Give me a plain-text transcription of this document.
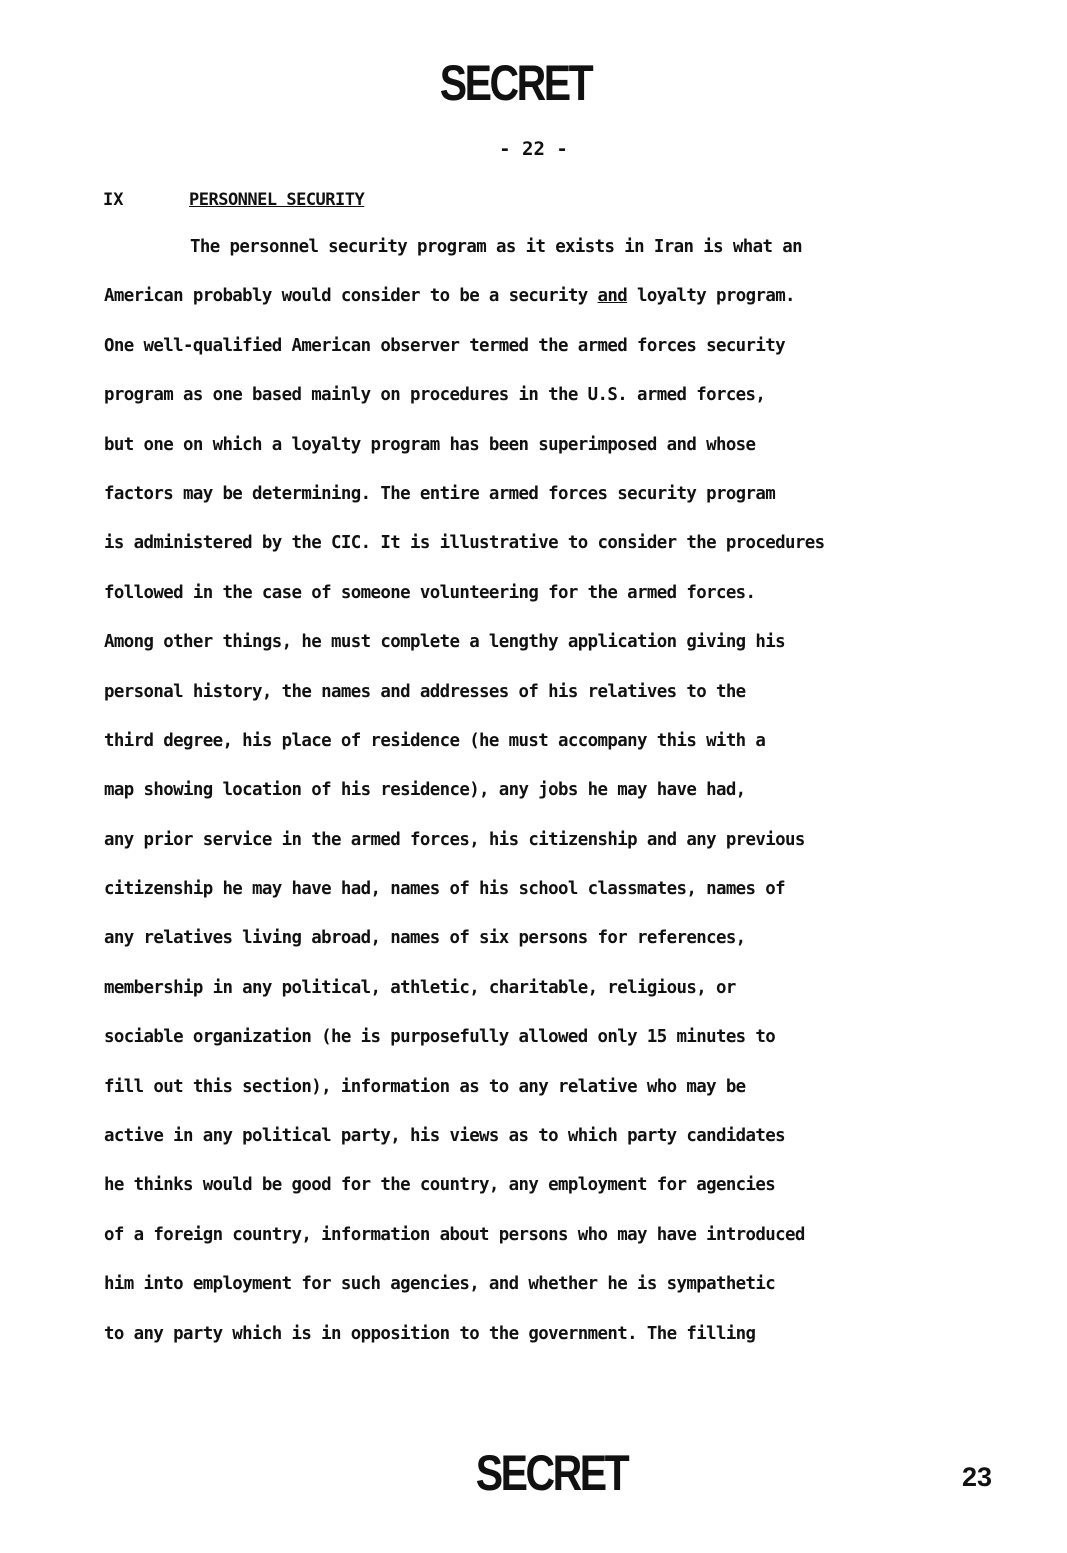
SECRET
- 22 -
IX	PERSONNEL SECURITY
The personnel security program as it exists in Iran is what an
American probably would consider to be a security and loyalty program.
One well-qualified American observer termed the armed forces security
program as one based mainly on procedures in the U.S. armed forces,
but one on which a loyalty program has been superimposed and whose
factors may be determining. The entire armed forces security program
is administered by the CIC. It is illustrative to consider the procedures
followed in the case of someone volunteering for the armed forces.
Among other things, he must complete a lengthy application giving his
personal history, the names and addresses of his relatives to the
third degree, his place of residence (he must accompany this with a
map showing location of his residence), any jobs he may have had,
any prior service in the armed forces, his citizenship and any previous
citizenship he may have had, names of his school classmates, names of
any relatives living abroad, names of six persons for references,
membership in any political, athletic, charitable, religious, or
sociable organization (he is purposefully allowed only 15 minutes to
fill out this section), information as to any relative who may be
active in any political party, his views as to which party candidates
he thinks would be good for the country, any employment for agencies
of a foreign country, information about persons who may have introduced
him into employment for such agencies, and whether he is sympathetic
to any party which is in opposition to the government. The filling
SECRET	23
